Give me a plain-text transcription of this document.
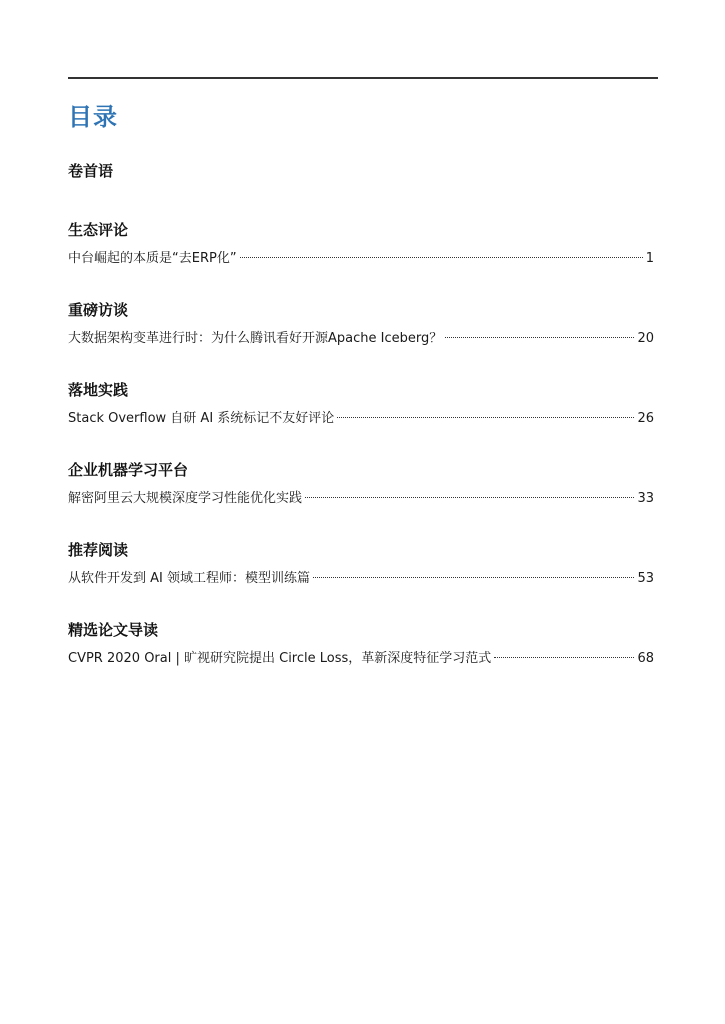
目录
卷首语
生态评论
中台崛起的本质是“去ERP化”	1
重磅访谈
大数据架构变革进行时：为什么腾讯看好开源Apache Iceberg？	20
落地实践
Stack Overflow 自研 AI 系统标记不友好评论	26
企业机器学习平台
解密阿里云大规模深度学习性能优化实践	33
推荐阅读
从软件开发到 AI 领域工程师：模型训练篇	53
精选论文导读
CVPR 2020 Oral | 旷视研究院提出 Circle Loss，革新深度特征学习范式	68
